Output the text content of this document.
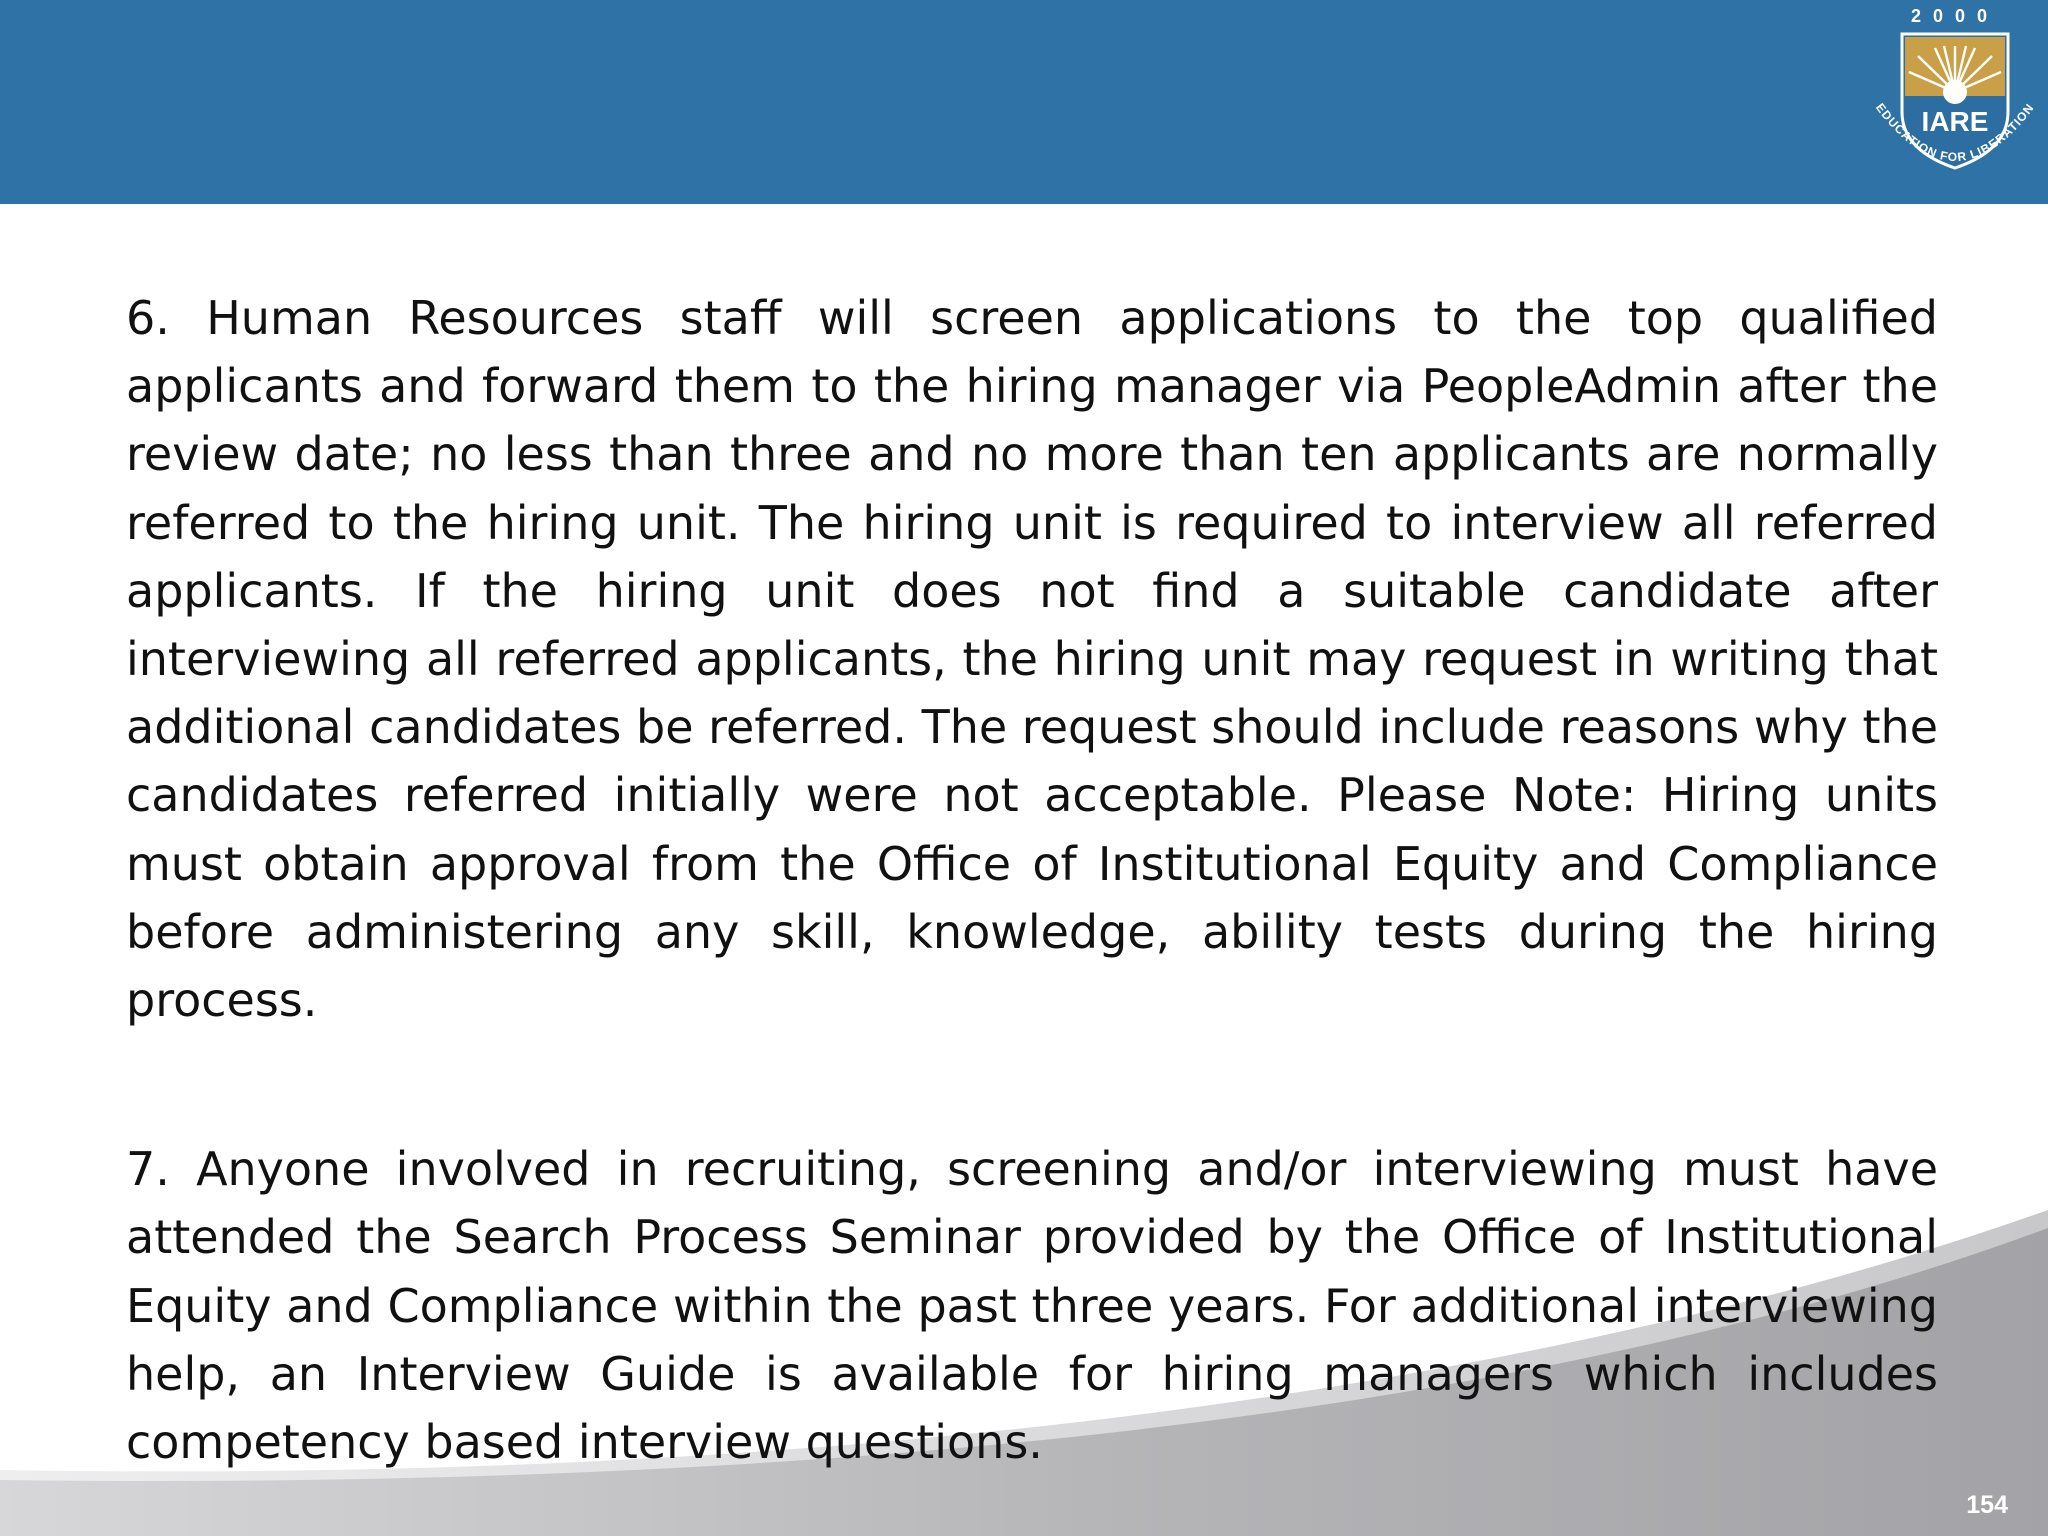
2000
IARE
EDUCATION FOR LIBERATION

6. Human Resources staff will screen applications to the top qualified applicants and forward them to the hiring manager via PeopleAdmin after the review date; no less than three and no more than ten applicants are normally referred to the hiring unit. The hiring unit is required to interview all referred applicants. If the hiring unit does not find a suitable candidate after interviewing all referred applicants, the hiring unit may request in writing that additional candidates be referred. The request should include reasons why the candidates referred initially were not acceptable. Please Note: Hiring units must obtain approval from the Office of Institutional Equity and Compliance before administering any skill, knowledge, ability tests during the hiring process.

7. Anyone involved in recruiting, screening and/or interviewing must have attended the Search Process Seminar provided by the Office of Institutional Equity and Compliance within the past three years. For additional interviewing help, an Interview Guide is available for hiring managers which includes competency based interview questions.

154
